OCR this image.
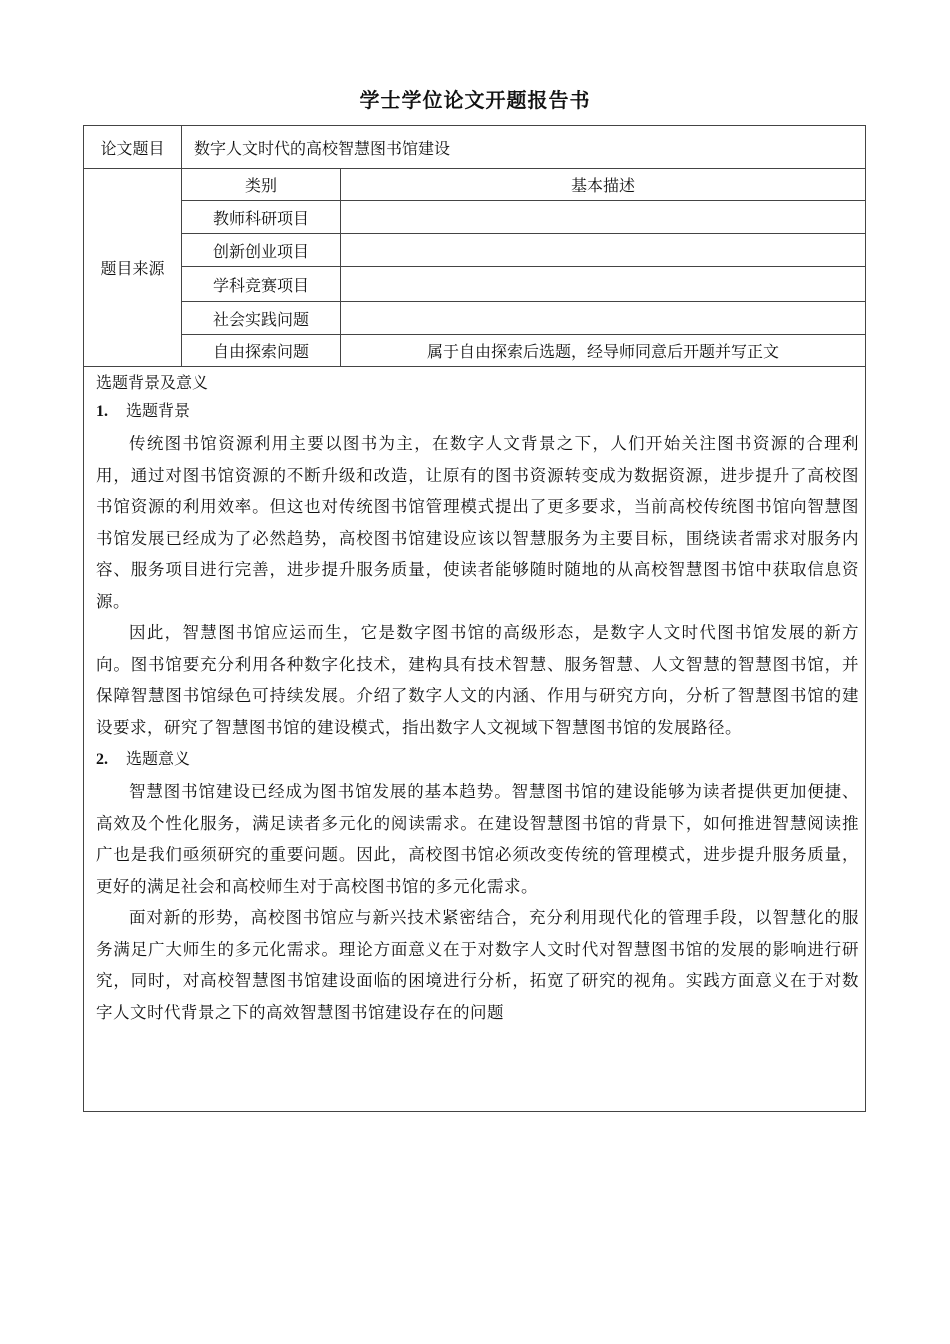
学士学位论文开题报告书
论文题目	数字人文时代的高校智慧图书馆建设
题目来源
类别	基本描述
教师科研项目
创新创业项目
学科竞赛项目
社会实践问题
自由探索问题	属于自由探索后选题，经导师同意后开题并写正文
选题背景及意义
1. 选题背景

传统图书馆资源利用主要以图书为主，在数字人文背景之下，人们开始关注图书资源的合理利用，通过对图书馆资源的不断升级和改造，让原有的图书资源转变成为数据资源，进步提升了高校图书馆资源的利用效率。但这也对传统图书馆管理模式提出了更多要求，当前高校传统图书馆向智慧图书馆发展已经成为了必然趋势，高校图书馆建设应该以智慧服务为主要目标，围绕读者需求对服务内容、服务项目进行完善，进步提升服务质量，使读者能够随时随地的从高校智慧图书馆中获取信息资源。

因此，智慧图书馆应运而生，它是数字图书馆的高级形态，是数字人文时代图书馆发展的新方向。图书馆要充分利用各种数字化技术，建构具有技术智慧、服务智慧、人文智慧的智慧图书馆，并保障智慧图书馆绿色可持续发展。介绍了数字人文的内涵、作用与研究方向，分析了智慧图书馆的建设要求，研究了智慧图书馆的建设模式，指出数字人文视域下智慧图书馆的发展路径。

2. 选题意义

智慧图书馆建设已经成为图书馆发展的基本趋势。智慧图书馆的建设能够为读者提供更加便捷、高效及个性化服务，满足读者多元化的阅读需求。在建设智慧图书馆的背景下，如何推进智慧阅读推广也是我们亟须研究的重要问题。因此，高校图书馆必须改变传统的管理模式，进步提升服务质量，更好的满足社会和高校师生对于高校图书馆的多元化需求。

面对新的形势，高校图书馆应与新兴技术紧密结合，充分利用现代化的管理手段，以智慧化的服务满足广大师生的多元化需求。理论方面意义在于对数字人文时代对智慧图书馆的发展的影响进行研究，同时，对高校智慧图书馆建设面临的困境进行分析，拓宽了研究的视角。实践方面意义在于对数字人文时代背景之下的高效智慧图书馆建设存在的问题
